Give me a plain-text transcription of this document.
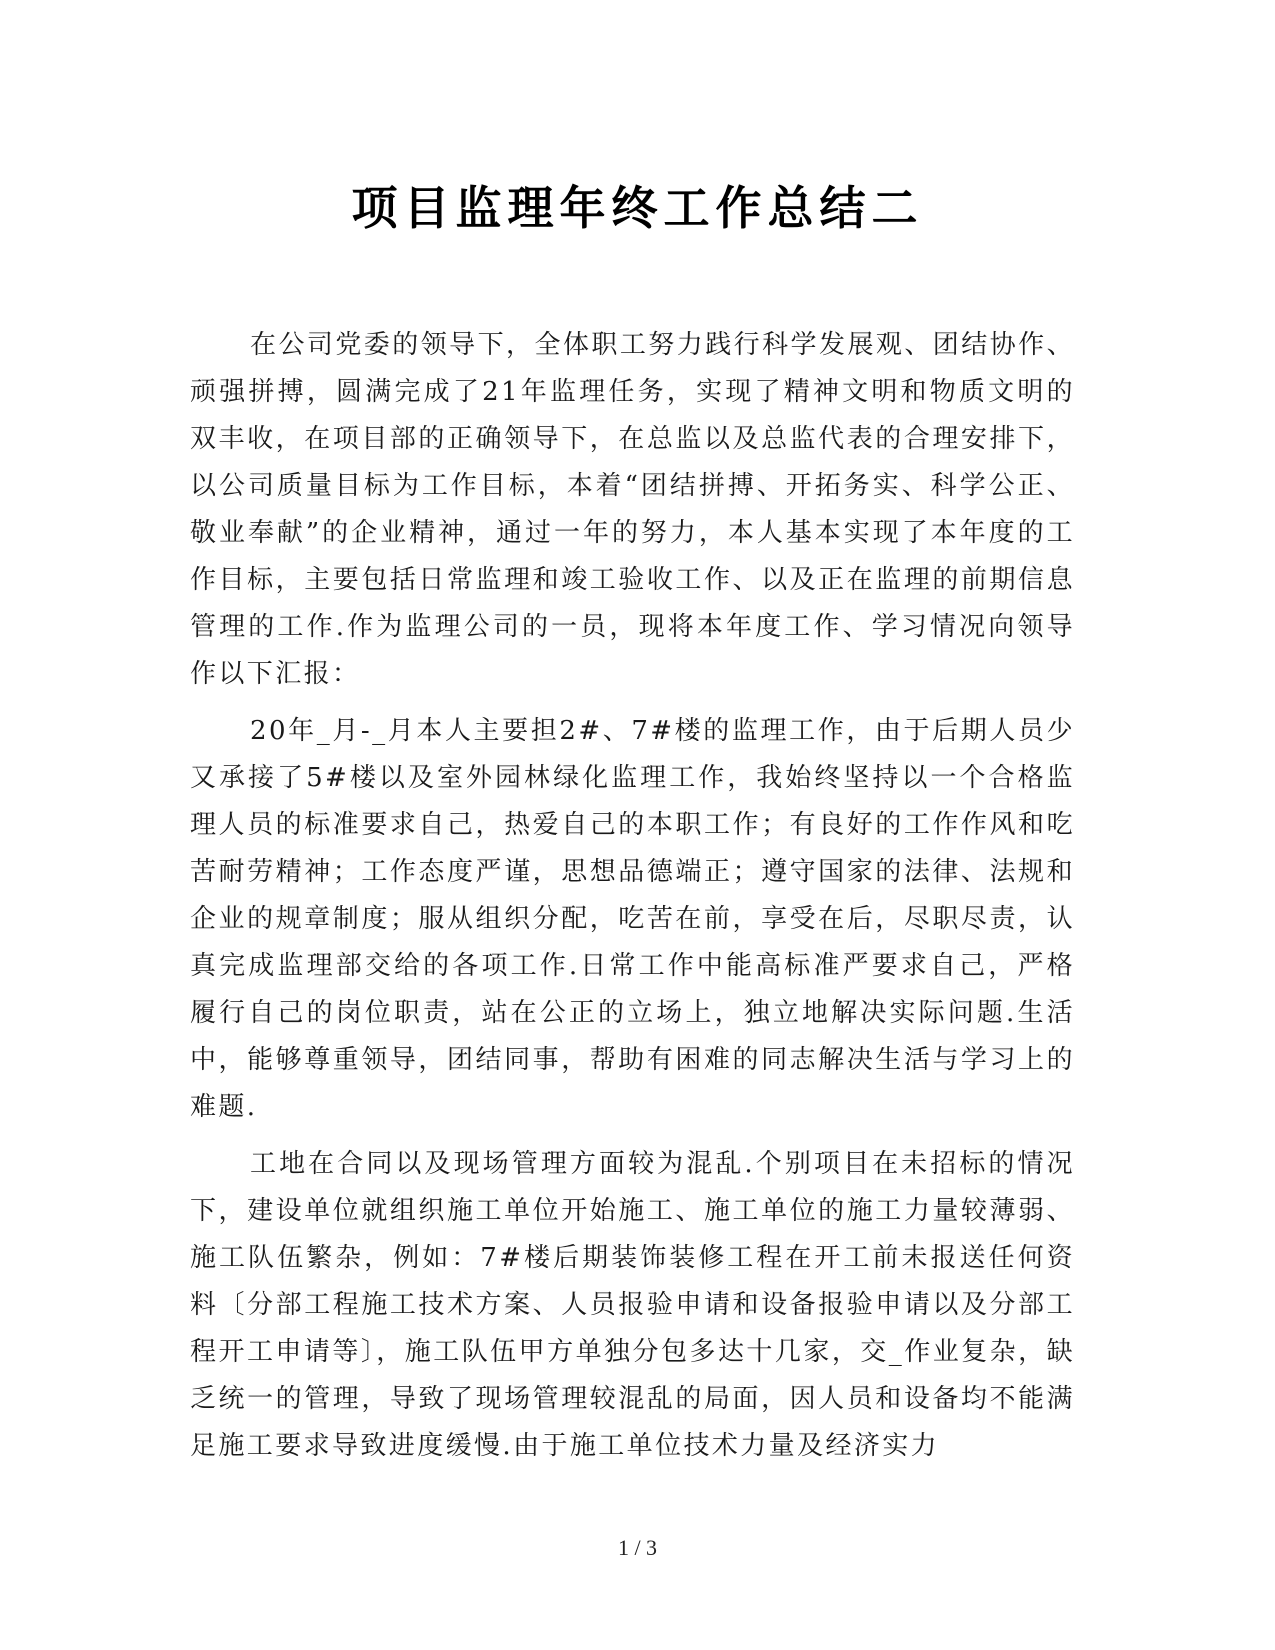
项目监理年终工作总结二

在公司党委的领导下，全体职工努力践行科学发展观、团结协作、顽强拼搏，圆满完成了21年监理任务，实现了精神文明和物质文明的双丰收，在项目部的正确领导下，在总监以及总监代表的合理安排下，以公司质量目标为工作目标，本着“团结拼搏、开拓务实、科学公正、敬业奉献”的企业精神，通过一年的努力，本人基本实现了本年度的工作目标，主要包括日常监理和竣工验收工作、以及正在监理的前期信息管理的工作.作为监理公司的一员，现将本年度工作、学习情况向领导作以下汇报：

20年_月-_月本人主要担2#、7#楼的监理工作，由于后期人员少又承接了5#楼以及室外园林绿化监理工作，我始终坚持以一个合格监理人员的标准要求自己，热爱自己的本职工作；有良好的工作作风和吃苦耐劳精神；工作态度严谨，思想品德端正；遵守国家的法律、法规和企业的规章制度；服从组织分配，吃苦在前，享受在后，尽职尽责，认真完成监理部交给的各项工作.日常工作中能高标准严要求自己，严格履行自己的岗位职责，站在公正的立场上，独立地解决实际问题.生活中，能够尊重领导，团结同事，帮助有困难的同志解决生活与学习上的难题.

工地在合同以及现场管理方面较为混乱.个别项目在未招标的情况下，建设单位就组织施工单位开始施工、施工单位的施工力量较薄弱、施工队伍繁杂，例如：7#楼后期装饰装修工程在开工前未报送任何资料〔分部工程施工技术方案、人员报验申请和设备报验申请以及分部工程开工申请等〕，施工队伍甲方单独分包多达十几家，交_作业复杂，缺乏统一的管理，导致了现场管理较混乱的局面，因人员和设备均不能满足施工要求导致进度缓慢.由于施工单位技术力量及经济实力

1 / 3
